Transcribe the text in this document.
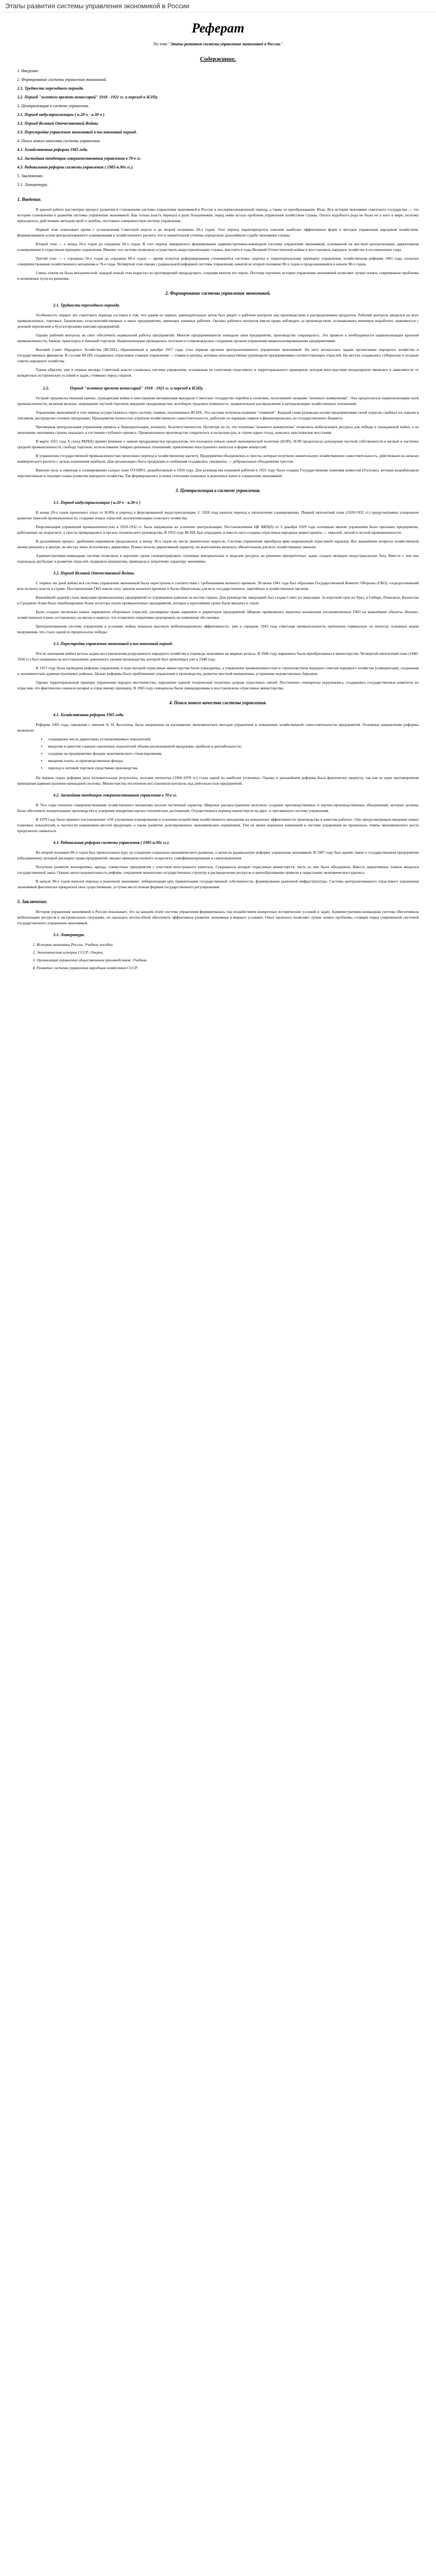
Этапы развития системы управления экономикой в России
Реферат
По теме "Этапы развития системы управления экономикой в России."
Содержание.
1. Введение.
2. Формирование системы управления экономикой.
2.1. Трудности переходного периода.
2.2. Период "золотого времени комиссарий" 1918 - 1921 гг. и переход к НЭПу.
3. Централизация в системе управления.
3.1. Период индустриализации ( н.20-х - к.30-х )
3.2. Период Великой Отечественной Войны.
3.3. Перестройка управления экономикой в послевоенный период.
4. Поиск нового качества системы управления.
4.1. Хозяйственная реформа 1965 года.
4.2. Застойная тенденция совершенствования управления в 70-е гг.
4.3. Радикальная реформа системы управления ( 1985-н.90х гг.).
5. Заключение.
5.1. Литература.
1. Введение.

В данной работе рассмотрен процесс развития и становления системы управления экономикой в России в послереволюционный период, а также ее преобразования. Итак. Вся история экономики советского государства — это история становления и развития системы управления экономикой. Как только власть перешла в руки большевиков, перед ними встала проблема управления хозяйством страны. Опыта подобного рода не было ни у кого в мире, поэтому приходилось действовать методом проб и ошибок, постоянно совершенствуя систему управления.

Первый этап охватывает время с установления Советской власти и до второй половины 20-х годов. Этот период характеризуется поиском наиболее эффективных форм и методов управления народным хозяйством, формированием основ централизованного планирования и хозяйственного расчета, что в значительной степени определило дальнейшую судьбу экономики страны.

Второй этап — с конца 20-х годов до середины 50-х годов. В этот период завершилось формирование административно-командной системы управления экономикой, основанной на жесткой централизации, директивном планировании и отраслевом принципе управления. Именно эта система позволила осуществить индустриализацию страны, выстоять в годы Великой Отечественной войны и восстановить народное хозяйство в послевоенные годы.

Третий этап — с середины 50-х годов до середины 80-х годов — время попыток реформирования сложившейся системы: переход к территориальному принципу управления, хозяйственная реформа 1965 года, попытки совершенствования хозяйственного механизма в 70-е годы. Четвертый этап связан с радикальной реформой системы управления, начатой во второй половине 80-х годов и продолжившейся в начале 90-х годов.

Смена этапов не была механической: каждый новый этап вырастал из противоречий предыдущего, сохраняя многие его черты. Поэтому изучение истории управления экономикой позволяет лучше понять современные проблемы и возможные пути их решения.

2. Формирование системы управления экономикой.
2.1. Трудности переходного периода.

Особенность первых лет советского периода состояла в том, что одним из первых законодательных актов был декрет о рабочем контроле над производством и распределением продуктов. Рабочий контроль вводился на всех промышленных, торговых, банковских, сельскохозяйственных и иных предприятиях, имеющих наемных рабочих. Органы рабочего контроля имели право наблюдать за производством, устанавливать минимум выработки, знакомиться с деловой перепиской и бухгалтерскими книгами предприятий.

Однако рабочий контроль не смог обеспечить нормальной работы предприятий. Многие предприниматели покидали свои предприятия, производство сокращалось. Это привело к необходимости национализации крупной промышленности, банков, транспорта и внешней торговли. Национализация проводилась поэтапно и сопровождалась созданием органов управления национализированными предприятиями.

Высший Совет Народного Хозяйства (ВСНХ), образованный в декабре 1917 года, стал первым органом централизованного управления экономикой. На него возлагалась задача организации народного хозяйства и государственных финансов. В составе ВСНХ создавались отраслевые главные управления — главки и центры, которые непосредственно руководили предприятиями соответствующих отраслей. На местах создавались губернские и уездные советы народного хозяйства.

Таким образом, уже в первые месяцы Советской власти сложилась система управления, основанная на сочетании отраслевого и территориального принципов, которая впоследствии неоднократно менялась в зависимости от конкретных исторических условий и задач, стоявших перед страной.

2.2.	Период "золотого времени комиссарий" 1918 - 1921 гг. и переход к НЭПу.

Острый продовольственный кризис, гражданская война и иностранная интервенция вынудили Советское государство перейти к политике, получившей название "военного коммунизма". Она предполагала национализацию всей промышленности, включая мелкую, запрещение частной торговли, введение продразверстки, всеобщую трудовую повинность, уравнительное распределение и натурализацию хозяйственных отношений.

Управление экономикой в этот период осуществлялось через систему главков, подчиненных ВСНХ. Эта система получила название "главкизм". Каждый главк руководил всеми предприятиями своей отрасли, снабжал их сырьем и топливом, распределял готовую продукцию. Предприятия полностью утратили хозяйственную самостоятельность, работали по нарядам главков и финансировались из государственного бюджета.

Чрезмерная централизация управления привела к бюрократизации, волоките, безответственности. Несмотря на то, что политика "военного коммунизма" позволила мобилизовать ресурсы для победы в гражданской войне, к ее окончанию экономика страны оказалась в состоянии глубокого кризиса. Промышленное производство сократилось в несколько раз, в стране царил голод, начались крестьянские восстания.

В марте 1921 года X съезд РКП(б) принял решение о замене продразверстки продналогом, что положило начало новой экономической политике (НЭП). НЭП предполагал допущение частной собственности в мелкой и частично средней промышленности, свободу торговли, использование товарно-денежных отношений, привлечение иностранного капитала в форме концессий.

В управлении государственной промышленностью произошел переход к хозяйственному расчету. Предприятия объединялись в тресты, которые получили значительную хозяйственную самостоятельность, действовали на началах коммерческого расчета с целью извлечения прибыли. Для организации сбыта продукции и снабжения создавались синдикаты — добровольные объединения трестов.

Важную роль в переходе к планированию сыграл план ГОЭЛРО, разработанный в 1920 году. Для руководства плановой работой в 1921 году была создана Государственная плановая комиссия (Госплан), которая разрабатывала перспективные и текущие планы развития народного хозяйства. Так формировались основы сочетания плановых и рыночных начал в управлении экономикой.

3. Централизация в системе управления.
3.1. Период индустриализации ( н.20-х - к.30-х )

В конце 20-х годов произошел отказ от НЭПа и переход к форсированной индустриализации. С 1928 года начался переход к пятилетнему планированию. Первый пятилетний план (1928-1932 гг.) предусматривал ускоренное развитие тяжелой промышленности, создание новых отраслей, коллективизацию сельского хозяйства.

Реорганизация управления промышленностью в 1929-1932 гг. была направлена на усиление централизации. Постановлением ЦК ВКП(б) от 5 декабря 1929 года основным звеном управления было признано предприятие, работающее на хозрасчете, а тресты превращались в органы технического руководства. В 1932 году ВСНХ был упразднен, и вместо него созданы отраслевые народные комиссариаты — тяжелой, легкой и лесной промышленности.

В дальнейшем процесс дробления наркоматов продолжался: к концу 30-х годов их число значительно выросло. Система управления приобрела ярко выраженный отраслевой характер. Все важнейшие вопросы хозяйственной жизни решались в центре, на местах лишь исполнялись директивы. Планы носили директивный характер, их выполнение являлось обязательным для всех хозяйственных звеньев.

Административно-командная система позволила в короткие сроки сконцентрировать огромные материальные и людские ресурсы на решении приоритетных задач, создать мощную индустриальную базу. Вместе с тем она порождала дисбаланс в развитии отраслей, подавляла инициативу, приводила к затратному характеру экономики.

3.2. Период Великой Отечественной Войны.

С первых же дней войны вся система управления экономикой была перестроена в соответствии с требованиями военного времени. 30 июня 1941 года был образован Государственный Комитет Обороны (ГКО), сосредоточивший всю полноту власти в стране. Постановления ГКО имели силу законов военного времени и были обязательны для всех государственных, партийных и хозяйственных органов.

Важнейшей задачей стала эвакуация промышленных предприятий из угрожаемых районов на восток страны. Для руководства эвакуацией был создан Совет по эвакуации. За короткий срок на Урал, в Сибирь, Поволжье, Казахстан и Среднюю Азию было перебазировано более полутора тысяч промышленных предприятий, которые в кратчайшие сроки были введены в строй.

Было создано несколько новых наркоматов оборонных отраслей, расширены права наркомов и директоров предприятий. Широко применялась практика назначения уполномоченных ГКО на важнейшие объекты. Военно-хозяйственные планы составлялись на месяц и квартал, что позволяло оперативно реагировать на изменения обстановки.

Централизованная система управления в условиях войны показала высокую мобилизационную эффективность: уже к середине 1943 года советская промышленность превзошла германскую по выпуску основных видов вооружения, что стало одной из предпосылок победы.

3.3. Перестройка управления экономикой в послевоенный период.

После окончания войны встала задача восстановления разрушенного народного хозяйства и перевода экономики на мирные рельсы. В 1946 году наркоматы были преобразованы в министерства. Четвертый пятилетний план (1946-1950 гг.) был направлен на восстановление довоенного уровня производства, который был превзойден уже в 1948 году.

В 1957 году была проведена реформа управления, в ходе которой отраслевые министерства были упразднены, а управление промышленностью и строительством передано советам народного хозяйства (совнархозам), созданным в экономических административных районах. Целью реформы было приближение управления к производству, развитие местной инициативы, устранение ведомственных барьеров.

Однако территориальный принцип управления породил местничество, нарушение единой технической политики, разрыв отраслевых связей. Постепенно совнархозы укрупнялись, создавались государственные комитеты по отраслям, что фактически означало возврат к отраслевому принципу. В 1965 году совнархозы были ликвидированы и восстановлены отраслевые министерства.

4. Поиск нового качества системы управления.
4.1. Хозяйственная реформа 1965 года.

Реформа 1965 года, связанная с именем А. Н. Косыгина, была направлена на расширение экономических методов управления и повышение хозяйственной самостоятельности предприятий. Основные направления реформы включали:

▪ сокращение числа директивно устанавливаемых показателей;
▪ введение в качестве главных оценочных показателей объема реализованной продукции, прибыли и рентабельности;
▪ создание на предприятиях фондов экономического стимулирования;
▪ введение платы за производственные фонды;
▪ переход к оптовой торговле средствами производства.

На первых порах реформа дала положительные результаты: восьмая пятилетка (1966-1970 гг.) стала одной из наиболее успешных. Однако в дальнейшем реформа была фактически свернута, так как ее идеи противоречили принципам административно-командной системы. Министерства постепенно восстановили контроль над деятельностью предприятий.

4.2. Застойная тенденция совершенствования управления в 70-е гг.

В 70-е годы попытки совершенствования хозяйственного механизма носили частичный характер. Широкое распространение получило создание производственных и научно-производственных объединений, которые должны были обеспечить концентрацию производства и ускорение внедрения научно-технических достижений. Осуществлялся перевод министерств на двух- и трехзвенную систему управления.

В 1979 году было принято постановление «Об улучшении планирования и усилении воздействия хозяйственного механизма на повышение эффективности производства и качества работы». Оно предусматривало введение новых плановых показателей, в частности нормативно-чистой продукции, а также развитие долговременных экономических нормативов. Тем не менее коренных изменений в системе управления не произошло, темпы экономического роста продолжали снижаться.

4.3. Радикальная реформа системы управления ( 1985-н.90х гг.).

Во второй половине 80-х годов был провозглашен курс на ускорение социально-экономического развития, а затем на радикальную реформу управления экономикой. В 1987 году был принят Закон о государственном предприятии (объединении), который расширял права предприятий, вводил принципы полного хозрасчета, самофинансирования и самоуправления.

Получили развитие кооперативы, аренда, совместные предприятия с участием иностранного капитала. Сокращался аппарат отраслевых министерств, часть из них была объединена. Вместо директивных планов вводился государственный заказ. Однако непоследовательность реформ, сохранение монополии государственных структур в распределении ресурсов и ценообразовании привели к нарастанию экономического кризиса.

В начале 90-х годов начался переход к рыночной экономике: либерализация цен, приватизация государственной собственности, формирование рыночной инфраструктуры. Система централизованного отраслевого управления экономикой фактически прекратила свое существование, уступив место новым формам государственного регулирования.

5. Заключение.

История управления экономикой в России показывает, что на каждом этапе система управления формировалась под воздействием конкретных исторических условий и задач. Административно-командная система обеспечивала мобилизацию ресурсов в экстремальных ситуациях, но оказалась неспособной обеспечить эффективное развитие экономики в мирных условиях. Опыт прошлого позволяет лучше понять проблемы, стоящие перед современной системой государственного управления экономикой.

5.1. Литература.
1. История экономики России: Учебное пособие.
2. Экономическая история СССР: Очерки.
3. Организация управления общественным производством: Учебник.
4. Развитие системы управления народным хозяйством СССР.
